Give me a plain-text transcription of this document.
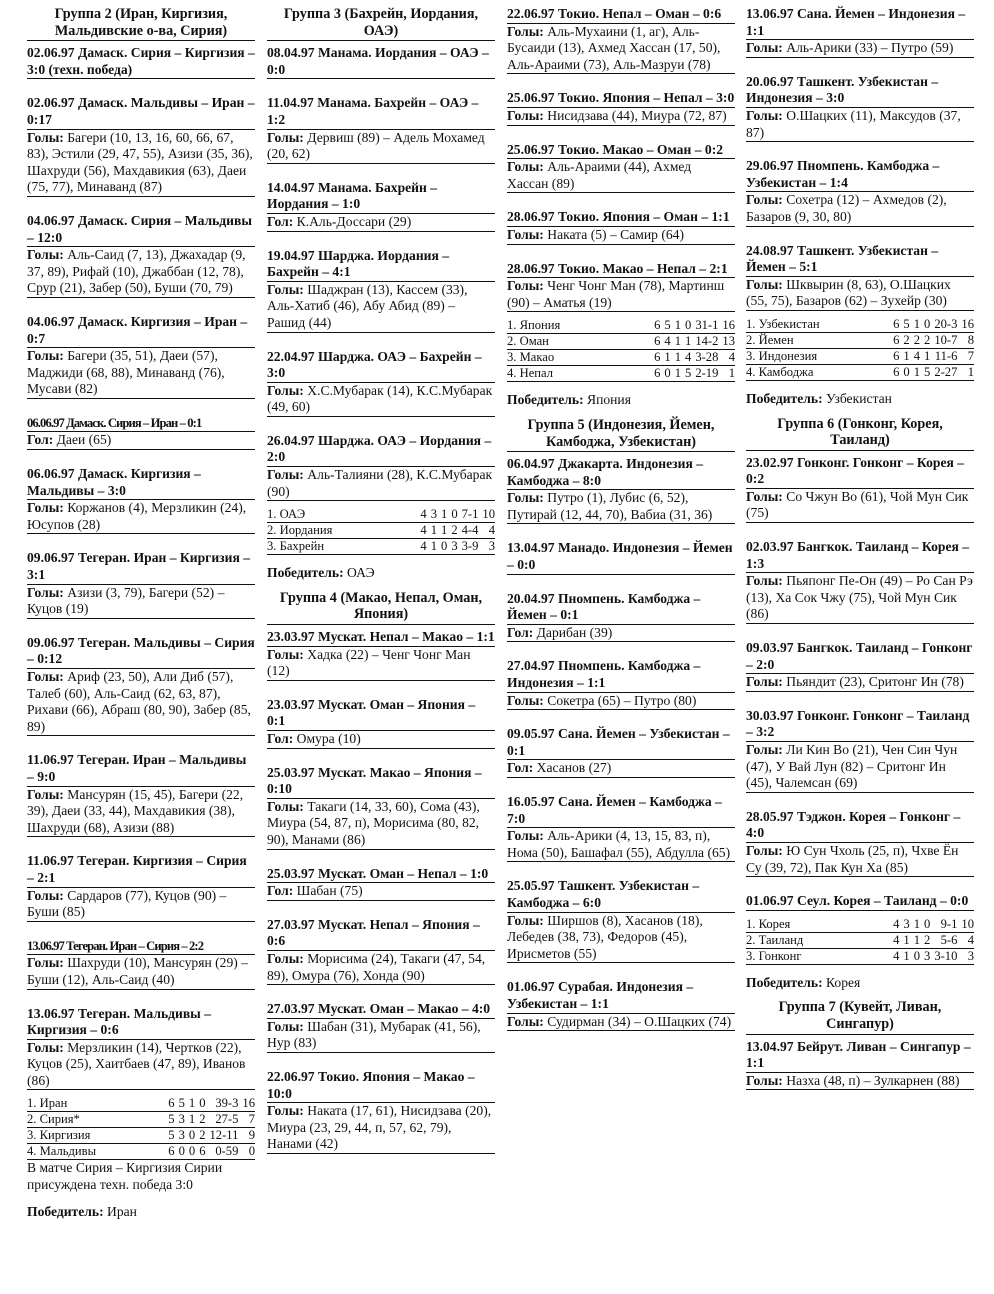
Группа 2 (Иран, Киргизия, Мальдивские о-ва, Сирия)
02.06.97 Дамаск. Сирия – Киргизия – 3:0 (техн. победа)
02.06.97 Дамаск. Мальдивы – Иран – 0:17
Голы: Багери (10, 13, 16, 60, 66, 67, 83), Эстили (29, 47, 55), Азизи (35, 36), Шахруди (56), Махдавикия (63), Даеи (75, 77), Минаванд (87)
04.06.97 Дамаск. Сирия – Мальдивы – 12:0
Голы: Аль-Саид (7, 13), Джахадар (9, 37, 89), Рифай (10), Джаббан (12, 78), Срур (21), Забер (50), Буши (70, 79)
04.06.97 Дамаск. Киргизия – Иран – 0:7
Голы: Багери (35, 51), Даеи (57), Маджиди (68, 88), Минаванд (76), Мусави (82)
06.06.97 Дамаск. Сирия – Иран – 0:1
Гол: Даеи (65)
06.06.97 Дамаск. Киргизия – Мальдивы – 3:0
Голы: Коржанов (4), Мерзликин (24), Юсупов (28)
09.06.97 Тегеран. Иран – Киргизия – 3:1
Голы: Азизи (3, 79), Багери (52) – Куцов (19)
09.06.97 Тегеран. Мальдивы – Сирия – 0:12
Голы: Ариф (23, 50), Али Диб (57), Талеб (60), Аль-Саид (62, 63, 87), Рихави (66), Абраш (80, 90), Забер (85, 89)
11.06.97 Тегеран. Иран – Мальдивы – 9:0
Голы: Мансурян (15, 45), Багери (22, 39), Даеи (33, 44), Махдавикия (38), Шахруди (68), Азизи (88)
11.06.97 Тегеран. Киргизия – Сирия – 2:1
Голы: Сардаров (77), Куцов (90) – Буши (85)
13.06.97 Тегеран. Иран – Сирия – 2:2
Голы: Шахруди (10), Мансурян (29) – Буши (12), Аль-Саид (40)
13.06.97 Тегеран. Мальдивы – Киргизия – 0:6
Голы: Мерзликин (14), Чертков (22), Куцов (25), Хаитбаев (47, 89), Иванов (86)
1. Иран	6	5	1	0	39-3	16
2. Сирия*	5	3	1	2	27-5	7
3. Киргизия	5	3	0	2	12-11	9
4. Мальдивы	6	0	0	6	0-59	0
В матче Сирия – Киргизия Сирии присуждена техн. победа 3:0
Победитель: Иран
Группа 3 (Бахрейн, Иордания, ОАЭ)
08.04.97 Манама. Иордания – ОАЭ – 0:0
11.04.97 Манама. Бахрейн – ОАЭ – 1:2
Голы: Дервиш (89) – Адель Мохамед (20, 62)
14.04.97 Манама. Бахрейн – Иордания – 1:0
Гол: К.Аль-Доссари (29)
19.04.97 Шарджа. Иордания – Бахрейн – 4:1
Голы: Шаджран (13), Кассем (33), Аль-Хатиб (46), Абу Абид (89) – Рашид (44)
22.04.97 Шарджа. ОАЭ – Бахрейн – 3:0
Голы: Х.С.Мубарак (14), К.С.Мубарак (49, 60)
26.04.97 Шарджа. ОАЭ – Иордания – 2:0
Голы: Аль-Талияни (28), К.С.Мубарак (90)
1. ОАЭ	4	3	1	0	7-1	10
2. Иордания	4	1	1	2	4-4	4
3. Бахрейн	4	1	0	3	3-9	3
Победитель: ОАЭ
Группа 4 (Макао, Непал, Оман, Япония)
23.03.97 Мускат. Непал – Макао – 1:1
Голы: Хадка (22) – Ченг Чонг Ман (12)
23.03.97 Мускат. Оман – Япония – 0:1
Гол: Омура (10)
25.03.97 Мускат. Макао – Япония – 0:10
Голы: Такаги (14, 33, 60), Сома (43), Миура (54, 87, п), Морисима (80, 82, 90), Манами (86)
25.03.97 Мускат. Оман – Непал – 1:0
Гол: Шабан (75)
27.03.97 Мускат. Непал – Япония – 0:6
Голы: Морисима (24), Такаги (47, 54, 89), Омура (76), Хонда (90)
27.03.97 Мускат. Оман – Макао – 4:0
Голы: Шабан (31), Мубарак (41, 56), Нур (83)
22.06.97 Токио. Япония – Макао – 10:0
Голы: Наката (17, 61), Нисидзава (20), Миура (23, 29, 44, п, 57, 62, 79), Нанами (42)
22.06.97 Токио. Непал – Оман – 0:6
Голы: Аль-Мухаини (1, аг), Аль-Бусаиди (13), Ахмед Хассан (17, 50), Аль-Араими (73), Аль-Мазруи (78)
25.06.97 Токио. Япония – Непал – 3:0
Голы: Нисидзава (44), Миура (72, 87)
25.06.97 Токио. Макао – Оман – 0:2
Голы: Аль-Араими (44), Ахмед Хассан (89)
28.06.97 Токио. Япония – Оман – 1:1
Голы: Наката (5) – Самир (64)
28.06.97 Токио. Макао – Непал – 2:1
Голы: Ченг Чонг Ман (78), Мартинш (90) – Аматья (19)
1. Япония	6	5	1	0	31-1	16
2. Оман	6	4	1	1	14-2	13
3. Макао	6	1	1	4	3-28	4
4. Непал	6	0	1	5	2-19	1
Победитель: Япония
Группа 5 (Индонезия, Йемен, Камбоджа, Узбекистан)
06.04.97 Джакарта. Индонезия – Камбоджа – 8:0
Голы: Путро (1), Лубис (6, 52), Путирай (12, 44, 70), Вабиа (31, 36)
13.04.97 Манадо. Индонезия – Йемен – 0:0
20.04.97 Пномпень. Камбоджа – Йемен – 0:1
Гол: Дарибан (39)
27.04.97 Пномпень. Камбоджа – Индонезия – 1:1
Голы: Сокетра (65) – Путро (80)
09.05.97 Сана. Йемен – Узбекистан – 0:1
Гол: Хасанов (27)
16.05.97 Сана. Йемен – Камбоджа – 7:0
Голы: Аль-Арики (4, 13, 15, 83, п), Нома (50), Башафал (55), Абдулла (65)
25.05.97 Ташкент. Узбекистан – Камбоджа – 6:0
Голы: Ширшов (8), Хасанов (18), Лебедев (38, 73), Федоров (45), Ирисметов (55)
01.06.97 Сурабая. Индонезия – Узбекистан – 1:1
Голы: Судирман (34) – О.Шацких (74)
13.06.97 Сана. Йемен – Индонезия – 1:1
Голы: Аль-Арики (33) – Путро (59)
20.06.97 Ташкент. Узбекистан – Индонезия – 3:0
Голы: О.Шацких (11), Максудов (37, 87)
29.06.97 Пномпень. Камбоджа – Узбекистан – 1:4
Голы: Сохетра (12) – Ахмедов (2), Базаров (9, 30, 80)
24.08.97 Ташкент. Узбекистан – Йемен – 5:1
Голы: Шквырин (8, 63), О.Шацких (55, 75), Базаров (62) – Зухейр (30)
1. Узбекистан	6	5	1	0	20-3	16
2. Йемен	6	2	2	2	10-7	8
3. Индонезия	6	1	4	1	11-6	7
4. Камбоджа	6	0	1	5	2-27	1
Победитель: Узбекистан
Группа 6 (Гонконг, Корея, Таиланд)
23.02.97 Гонконг. Гонконг – Корея – 0:2
Голы: Со Чжун Во (61), Чой Мун Сик (75)
02.03.97 Бангкок. Таиланд – Корея – 1:3
Голы: Пьяпонг Пе-Он (49) – Ро Сан Рэ (13), Ха Сок Чжу (75), Чой Мун Сик (86)
09.03.97 Бангкок. Таиланд – Гонконг – 2:0
Голы: Пьяндит (23), Сритонг Ин (78)
30.03.97 Гонконг. Гонконг – Таиланд – 3:2
Голы: Ли Кин Во (21), Чен Син Чун (47), У Вай Лун (82) – Сритонг Ин (45), Чалемсан (69)
28.05.97 Тэджон. Корея – Гонконг – 4:0
Голы: Ю Сун Чхоль (25, п), Чхве Ён Су (39, 72), Пак Кун Ха (85)
01.06.97 Сеул. Корея – Таиланд – 0:0
1. Корея	4	3	1	0	9-1	10
2. Таиланд	4	1	1	2	5-6	4
3. Гонконг	4	1	0	3	3-10	3
Победитель: Корея
Группа 7 (Кувейт, Ливан, Сингапур)
13.04.97 Бейрут. Ливан – Сингапур – 1:1
Голы: Назха (48, п) – Зулкарнен (88)
